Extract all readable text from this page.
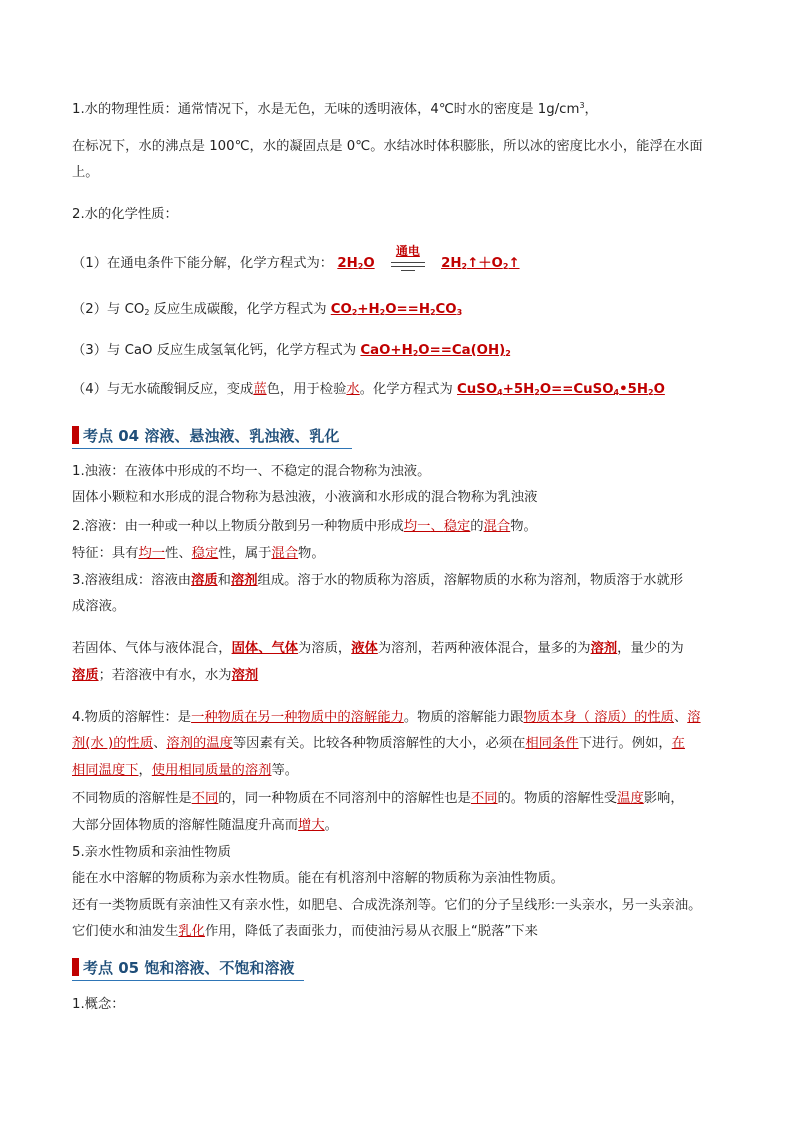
1.水的物理性质：通常情况下，水是无色，无味的透明液体，4℃时水的密度是 $1g/cm^3$，
在标况下，水的沸点是 100℃，水的凝固点是 0℃。水结冰时体积膨胀，所以冰的密度比水小，能浮在水面
上。
2.水的化学性质：
（1）在通电条件下能分解，化学方程式为： $2H_2O$
通电
$2H_2↑+O_2↑$
（2）与 $CO_2$ 反应生成碳酸，化学方程式为 $CO_2+H_2O==H_2CO_3$
（3）与 CaO 反应生成氢氧化钙，化学方程式为 $CaO+H_2O==Ca(OH)_2$
（4）与无水硫酸铜反应，变成蓝色，用于检验水。化学方程式为 $CuSO_4+5H_2O==CuSO_4•5H_2O$
考点 04 溶液、悬浊液、乳浊液、乳化
1.浊液：在液体中形成的不均一、不稳定的混合物称为浊液。
固体小颗粒和水形成的混合物称为悬浊液，小液滴和水形成的混合物称为乳浊液
2.溶液：由一种或一种以上物质分散到另一种物质中形成均一、稳定的混合物。
特征：具有均一性、稳定性，属于混合物。
3.溶液组成：溶液由溶质和溶剂组成。溶于水的物质称为溶质，溶解物质的水称为溶剂，物质溶于水就形
成溶液。
若固体、气体与液体混合，固体、气体为溶质，液体为溶剂，若两种液体混合，量多的为溶剂，量少的为
溶质；若溶液中有水，水为溶剂
4.物质的溶解性：是一种物质在另一种物质中的溶解能力。物质的溶解能力跟物质本身（ 溶质）的性质、溶
剂(水 )的性质、溶剂的温度等因素有关。比较各种物质溶解性的大小，必须在相同条件下进行。例如，在
相同温度下，使用相同质量的溶剂等。
不同物质的溶解性是不同的，同一种物质在不同溶剂中的溶解性也是不同的。物质的溶解性受温度影响，
大部分固体物质的溶解性随温度升高而增大。
5.亲水性物质和亲油性物质
能在水中溶解的物质称为亲水性物质。能在有机溶剂中溶解的物质称为亲油性物质。
还有一类物质既有亲油性又有亲水性，如肥皂、合成洗涤剂等。它们的分子呈线形:一头亲水，另一头亲油。
它们使水和油发生乳化作用，降低了表面张力，而使油污易从衣服上“脱落”下来
考点 05 饱和溶液、不饱和溶液
1.概念：
